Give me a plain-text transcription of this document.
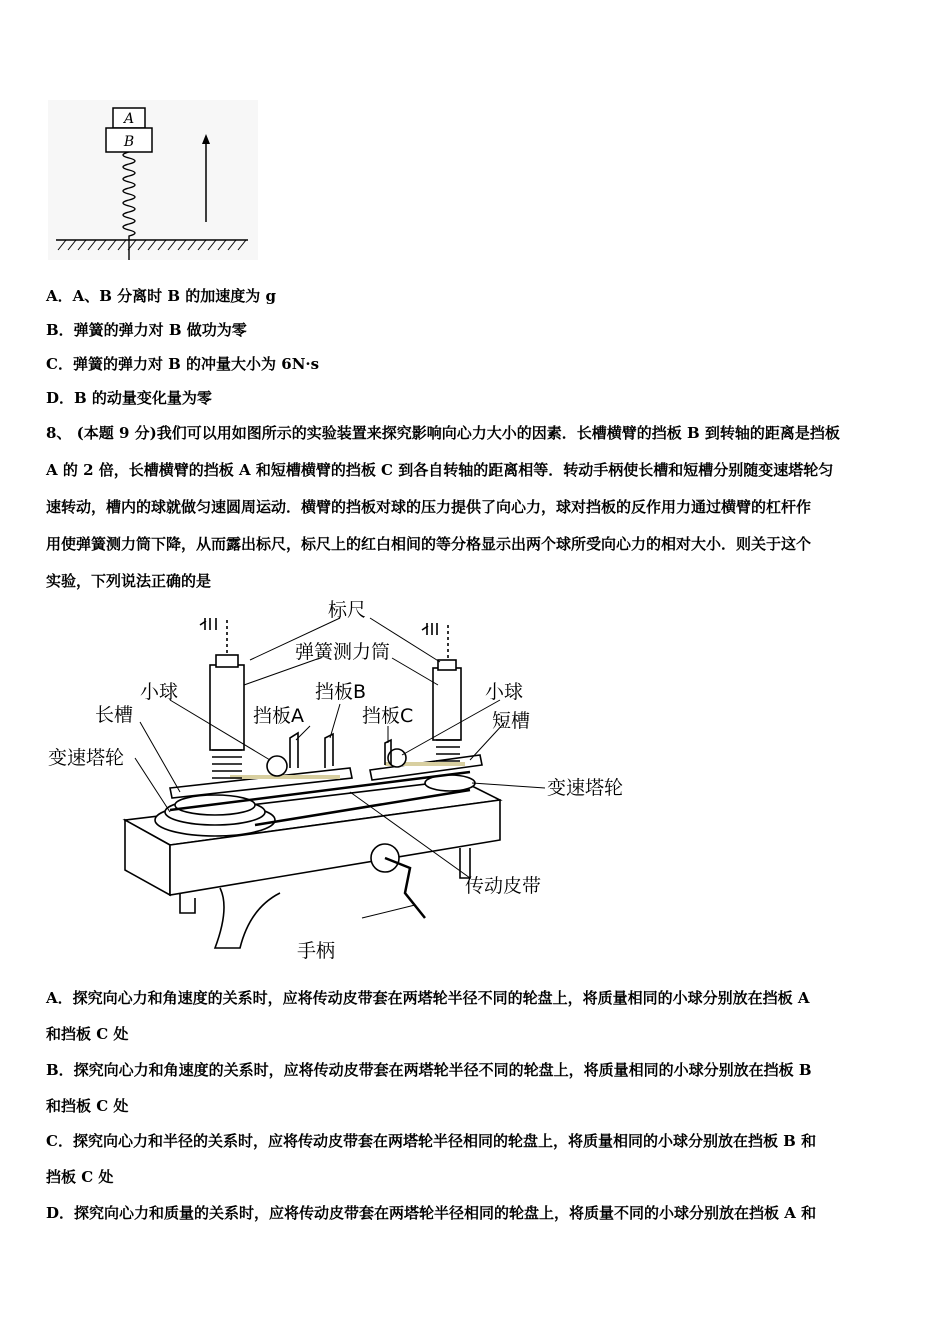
A
B
A．A、B 分离时 B 的加速度为 g
B．弹簧的弹力对 B 做功为零
C．弹簧的弹力对 B 的冲量大小为 6N·s
D．B 的动量变化量为零
8、 (本题 9 分)我们可以用如图所示的实验装置来探究影响向心力大小的因素．长槽横臂的挡板 B 到转轴的距离是挡板
A 的 2 倍，长槽横臂的挡板 A 和短槽横臂的挡板 C 到各自转轴的距离相等．转动手柄使长槽和短槽分别随变速塔轮匀
速转动，槽内的球就做匀速圆周运动．横臂的挡板对球的压力提供了向心力，球对挡板的反作用力通过横臂的杠杆作
用使弹簧测力筒下降，从而露出标尺，标尺上的红白相间的等分格显示出两个球所受向心力的相对大小．则关于这个
实验，下列说法正确的是
标尺
弹簧测力筒
小球	挡板B	小球
长槽	挡板A	挡板C	短槽
变速塔轮
变速塔轮
传动皮带
手柄
A．探究向心力和角速度的关系时，应将传动皮带套在两塔轮半径不同的轮盘上，将质量相同的小球分别放在挡板 A
和挡板 C 处
B．探究向心力和角速度的关系时，应将传动皮带套在两塔轮半径不同的轮盘上，将质量相同的小球分别放在挡板 B
和挡板 C 处
C．探究向心力和半径的关系时，应将传动皮带套在两塔轮半径相同的轮盘上，将质量相同的小球分别放在挡板 B 和
挡板 C 处
D．探究向心力和质量的关系时，应将传动皮带套在两塔轮半径相同的轮盘上，将质量不同的小球分别放在挡板 A 和
